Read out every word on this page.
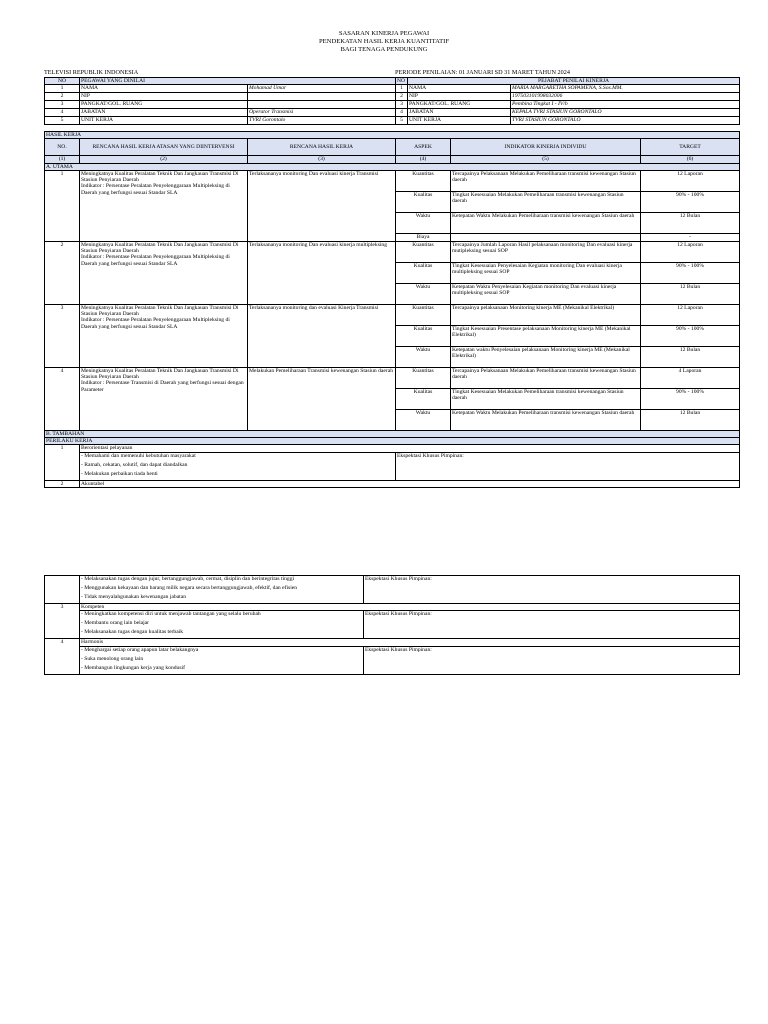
SASARAN KINERJA PEGAWAI
PENDEKATAN HASIL KERJA KUANTITATIF
BAGI TENAGA PENDUKUNG
TELEVISI REPUBLIK INDONESIA	PERIODE PENILAIAN: 01 JANUARI SD 31 MARET TAHUN 2024
NO	PEGAWAI YANG DINILAI		NO	PEJABAT PENILAI KINERJA	
1	NAMA	Mohamad Umar	1	NAMA	MARIA MARGARETHA SOPAMENA, S.Sos.MM.
2	NIP		2	NIP	197503101998032006
3	PANGKAT/GOL. RUANG		3	PANGKAT/GOL. RUANG	Pembina Tingkat I - IV/b
4	JABATAN	Operator Transmisi	4	JABATAN	KEPALA TVRI STASIUN GORONTALO
5	UNIT KERJA	TVRI Gorontalo	5	UNIT KERJA	TVRI STASIUN GORONTALO
HASIL KERJA					
NO.	RENCANA HASIL KERJA ATASAN YANG DIINTERVENSI	RENCANA HASIL KERJA	ASPEK	INDIKATOR KINERJA INDIVIDU	TARGET
(1)	(2)	(3)	(4)	(5)	(6)
A. UTAMA					
1	Meningkatnya Kualitas Peralatan Teknik Dan Jangkauan Transmisi Di Stasiun Penyiaran Daerah
Indikator : Persentase Peralatan Penyelenggaraan Multipleksing di Daerah yang berfungsi sesuai Standar SLA	Terlaksananya monitoring Dan evaluasi kinerja Transmisi	Kuantitas	Tercapainya Pelaksanaan Melakukan Pemeliharaan transmisi kewenangan Stasiun daerah	12 Laporan
			Kualitas	Tingkat Kesesuaian Melakukan Pemeliharaan transmisi kewenangan Stasiun daerah	90% - 100%
			Waktu	Ketepatan Waktu Melakukan Pemeliharaan transmisi kewenangan Stasiun daerah	12 Bulan
			Biaya		-
2	Meningkatnya Kualitas Peralatan Teknik Dan Jangkauan Transmisi Di Stasiun Penyiaran Daerah
Indikator : Persentase Peralatan Penyelenggaraan Multipleksing di Daerah yang berfungsi sesuai Standar SLA	Terlaksananya monitoring Dan evaluasi kinerja multipleksing	Kuantitas	Tercapainya Jumlah Laporan Hasil pelaksanaan monitoring Dan evaluasi kinerja mutipleksing sesuai SOP	12 Laporan
			Kualitas	Tingkat Kesesuaian Penyelesaian Kegiatan monitoring Dan evaluasi kinerja multipleksing sesuai SOP	90% - 100%
			Waktu	Ketepatan Waktu Penyelesaian Kegiatan monitoring Dan evaluasi kinerja multipleksing sesuai SOP	12 Bulan
3	Meningkatnya Kualitas Peralatan Teknik Dan Jangkauan Transmisi Di Stasiun Penyiaran Daerah
Indikator : Persentase Peralatan Penyelenggaraan Multipleksing di Daerah yang berfungsi sesuai Standar SLA	Terlaksananya monitoring dan evaluasi Kinerja Transmisi	Kuantitas	Tercapainya pelaksanaan Monitoring kinerja ME (Mekanikal Elektrikal)	12 Laporan
			Kualitas	Tingkat Kesesuaian Presentase pelaksanaan Monitoring kinerja ME (Mekanikal Elektrikal)	90% - 100%
			Waktu	Ketepatan waktu Penyelesaian pelaksanaan Monitoring kinerja ME (Mekanikal Elektrikal)	12 Bulan
4	Meningkatnya Kualitas Peralatan Teknik Dan Jangkauan Transmisi Di Stasiun Penyiaran Daerah
Indikator : Persentase Transmisi di Daerah yang berfungsi sesuai dengan Parameter	Melakukan Pemeliharaan Transmisi kewenangan Stasiun daerah	Kuantitas	Tercapainya Pelaksanaan Melakukan Pemeliharaan transmisi kewenangan Stasiun daerah	4 Laporan
			Kualitas	Tingkat Kesesuaian Melakukan Pemeliharaan transmisi kewenangan Stasiun daerah	90% - 100%
			Waktu	Ketepatan Waktu Melakukan Pemeliharaan transmisi kewenangan Stasiun daerah	12 Bulan
B. TAMBAHAN					
PERILAKU KERJA					
1	Berorientasi pelayanan				

	- Memahami dan memenuhi kebutuhan masyarakat
- Ramah, cekatan, solutif, dan dapat diandalkan
- Melakukan perbaikan tiada henti		Ekspektasi Khusus Pimpinan:		
2	Akuntabel				

	- Melaksanakan tugas dengan jujur, bertanggungjawab, cermat, disiplin dan berintegritas tinggi
- Menggunakan kekayaan dan barang milik negara secara bertanggungjawab, efektif, dan efisien
- Tidak menyalahgunakan kewenangan jabatan	Ekspektasi Khusus Pimpinan:
3	Kompeten	

	- Meningkatkan kompetensi diri untuk menjawab tantangan yang selalu berubah
- Membantu orang lain belajar
- Melaksanakan tugas dengan kualitas terbaik	Ekspektasi Khusus Pimpinan:
4	Harmonis	

	- Menghargai setiap orang apapun latar belakangnya
- Suka menolong orang lain
- Membangun lingkungan kerja yang kondusif	Ekspektasi Khusus Pimpinan:
